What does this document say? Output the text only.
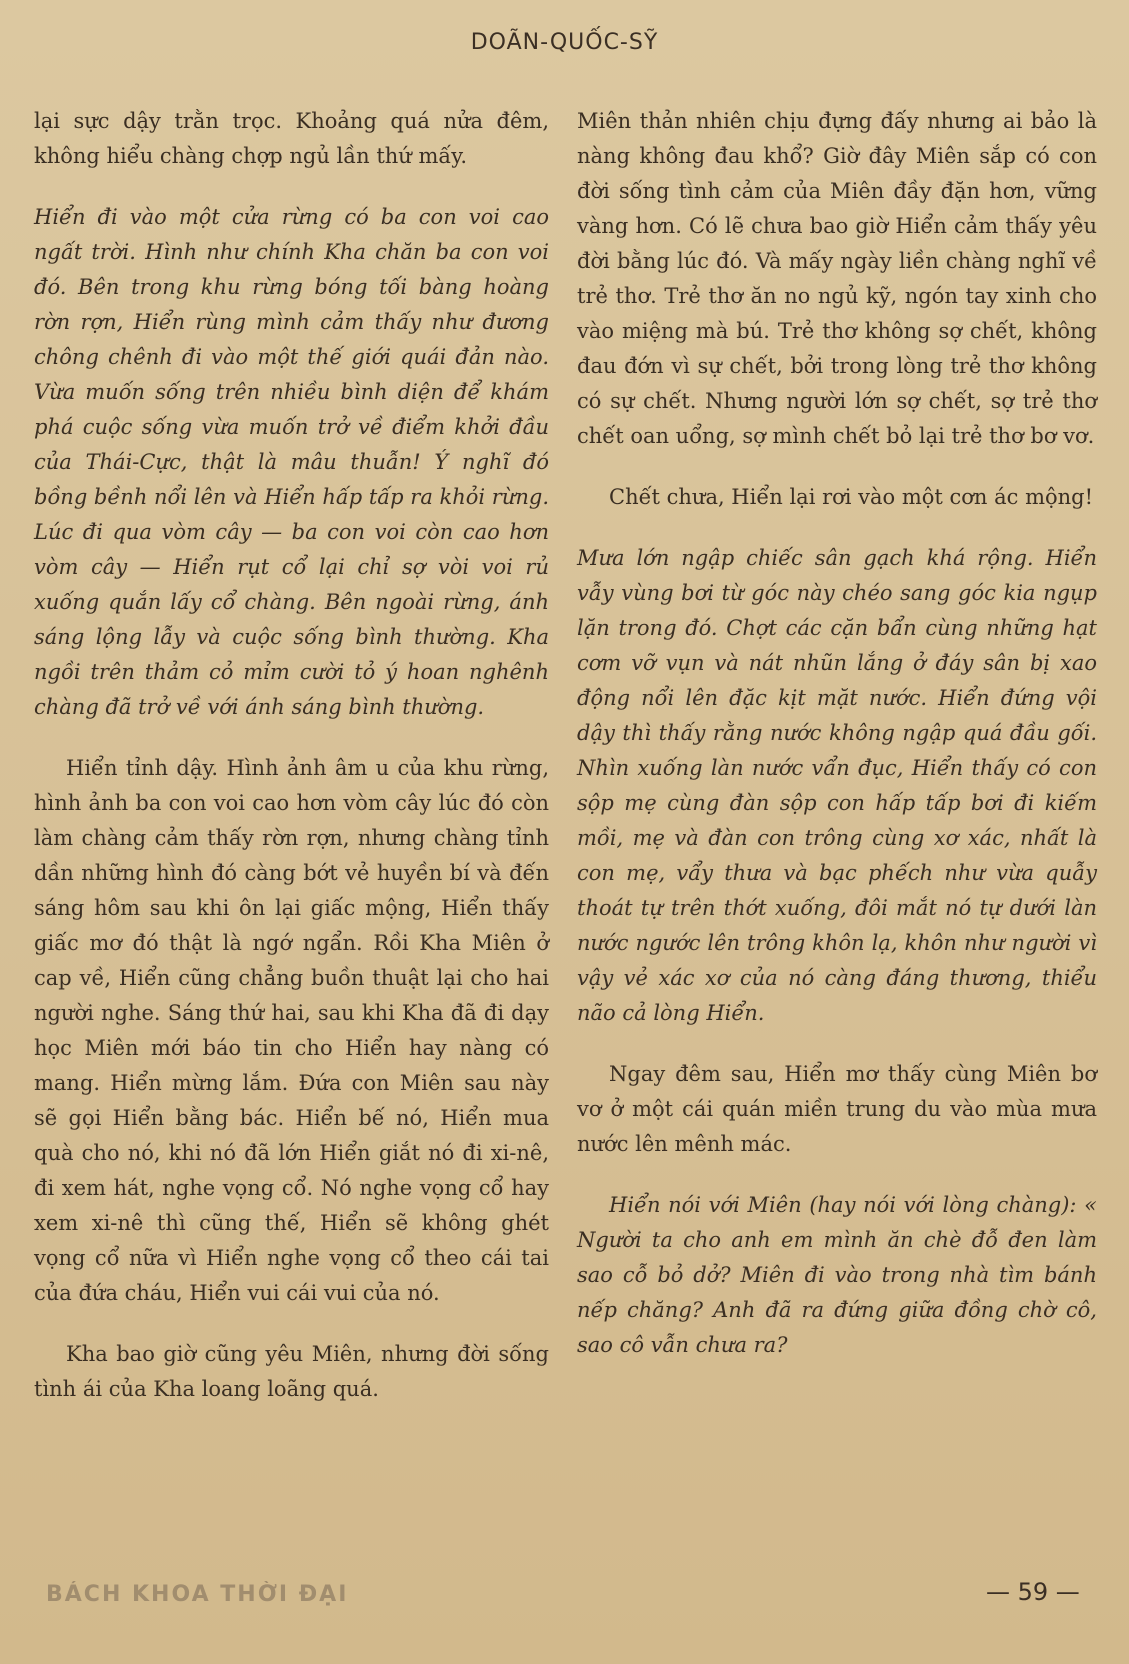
DOÃN-QUỐC-SỸ

lại sực dậy trằn trọc. Khoảng quá nửa đêm, không hiểu chàng chợp ngủ lần thứ mấy.

Hiển đi vào một cửa rừng có ba con voi cao ngất trời. Hình như chính Kha chăn ba con voi đó. Bên trong khu rừng bóng tối bàng hoàng rờn rợn, Hiển rùng mình cảm thấy như đương chông chênh đi vào một thế giới quái đản nào. Vừa muốn sống trên nhiều bình diện để khám phá cuộc sống vừa muốn trở về điểm khởi đầu của Thái-Cực, thật là mâu thuẫn! Ý nghĩ đó bồng bềnh nổi lên và Hiển hấp tấp ra khỏi rừng. Lúc đi qua vòm cây — ba con voi còn cao hơn vòm cây — Hiển rụt cổ lại chỉ sợ vòi voi rủ xuống quắn lấy cổ chàng. Bên ngoài rừng, ánh sáng lộng lẫy và cuộc sống bình thường. Kha ngồi trên thảm cỏ mỉm cười tỏ ý hoan nghênh chàng đã trở về với ánh sáng bình thường.

Hiển tỉnh dậy. Hình ảnh âm u của khu rừng, hình ảnh ba con voi cao hơn vòm cây lúc đó còn làm chàng cảm thấy rờn rợn, nhưng chàng tỉnh dần những hình đó càng bớt vẻ huyền bí và đến sáng hôm sau khi ôn lại giấc mộng, Hiển thấy giấc mơ đó thật là ngớ ngẩn. Rồi Kha Miên ở cap về, Hiển cũng chẳng buồn thuật lại cho hai người nghe. Sáng thứ hai, sau khi Kha đã đi dạy học Miên mới báo tin cho Hiển hay nàng có mang. Hiển mừng lắm. Đứa con Miên sau này sẽ gọi Hiển bằng bác. Hiển bế nó, Hiển mua quà cho nó, khi nó đã lớn Hiển giắt nó đi xi-nê, đi xem hát, nghe vọng cổ. Nó nghe vọng cổ hay xem xi-nê thì cũng thế, Hiển sẽ không ghét vọng cổ nữa vì Hiển nghe vọng cổ theo cái tai của đứa cháu, Hiển vui cái vui của nó.

Kha bao giờ cũng yêu Miên, nhưng đời sống tình ái của Kha loang loãng quá.

Miên thản nhiên chịu đựng đấy nhưng ai bảo là nàng không đau khổ? Giờ đây Miên sắp có con đời sống tình cảm của Miên đầy đặn hơn, vững vàng hơn. Có lẽ chưa bao giờ Hiển cảm thấy yêu đời bằng lúc đó. Và mấy ngày liền chàng nghĩ về trẻ thơ. Trẻ thơ ăn no ngủ kỹ, ngón tay xinh cho vào miệng mà bú. Trẻ thơ không sợ chết, không đau đớn vì sự chết, bởi trong lòng trẻ thơ không có sự chết. Nhưng người lớn sợ chết, sợ trẻ thơ chết oan uổng, sợ mình chết bỏ lại trẻ thơ bơ vơ.

Chết chưa, Hiển lại rơi vào một cơn ác mộng!

Mưa lớn ngập chiếc sân gạch khá rộng. Hiển vẫy vùng bơi từ góc này chéo sang góc kia ngụp lặn trong đó. Chợt các cặn bẩn cùng những hạt cơm vỡ vụn và nát nhũn lắng ở đáy sân bị xao động nổi lên đặc kịt mặt nước. Hiển đứng vội dậy thì thấy rằng nước không ngập quá đầu gối. Nhìn xuống làn nước vẩn đục, Hiển thấy có con sộp mẹ cùng đàn sộp con hấp tấp bơi đi kiếm mồi, mẹ và đàn con trông cùng xơ xác, nhất là con mẹ, vẩy thưa và bạc phếch như vừa quẫy thoát tự trên thớt xuống, đôi mắt nó tự dưới làn nước ngước lên trông khôn lạ, khôn như người vì vậy vẻ xác xơ của nó càng đáng thương, thiểu não cả lòng Hiển.

Ngay đêm sau, Hiển mơ thấy cùng Miên bơ vơ ở một cái quán miền trung du vào mùa mưa nước lên mênh mác.

Hiển nói với Miên (hay nói với lòng chàng): « Người ta cho anh em mình ăn chè đỗ đen làm sao cỗ bỏ dở? Miên đi vào trong nhà tìm bánh nếp chăng? Anh đã ra đứng giữa đồng chờ cô, sao cô vẫn chưa ra?

BÁCH KHOA THỜI ĐẠI	— 59 —
